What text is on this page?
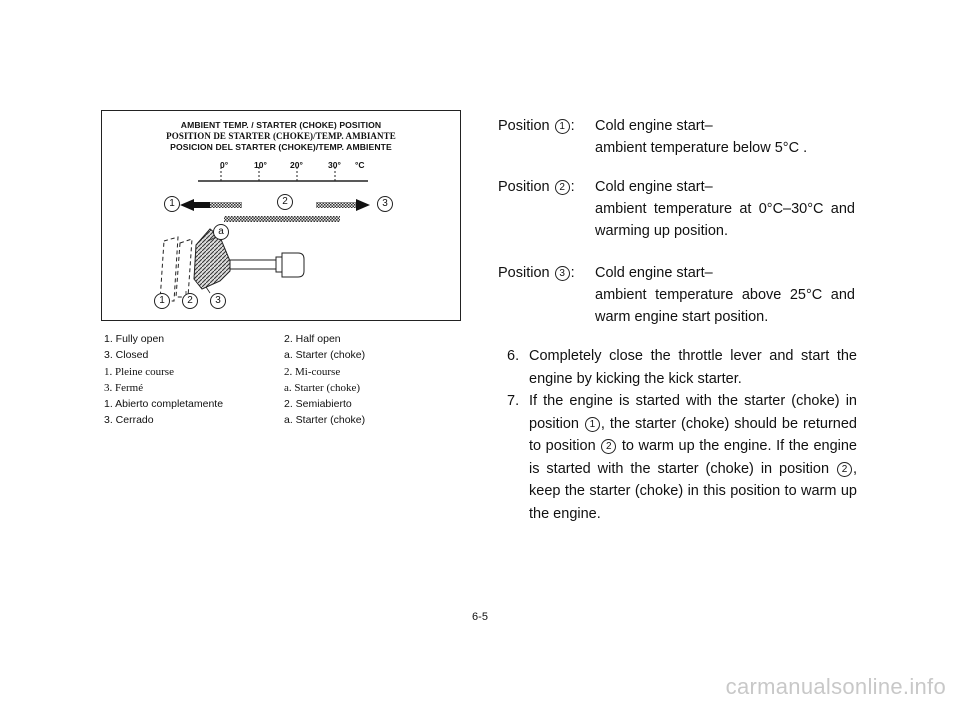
AMBIENT TEMP. / STARTER (CHOKE) POSITION
POSITION DE STARTER (CHOKE)/TEMP. AMBIANTE
POSICION DEL STARTER (CHOKE)/TEMP. AMBIENTE
0°	10°	20°	30° °C
1	2	3
a
1	2	3
1. Fully open	2. Half open
3. Closed	a. Starter (choke)
1. Pleine course	2. Mi-course
3. Fermé	a. Starter (choke)
1. Abierto completamente	2. Semiabierto
3. Cerrado	a. Starter (choke)
Position 1 : Cold engine start–
ambient temperature below 5°C .
Position 2 : Cold engine start–
ambient temperature at 0°C–30°C and warming up position.
Position 3 : Cold engine start–
ambient temperature above 25°C and warm engine start position.
6. Completely close the throttle lever and start the engine by kicking the kick starter.
7. If the engine is started with the starter (choke) in position 1 , the starter (choke) should be returned to position 2 to warm up the engine. If the engine is started with the starter (choke) in position 2 , keep the starter (choke) in this position to warm up the engine.
6-5
carmanualsonline.info
